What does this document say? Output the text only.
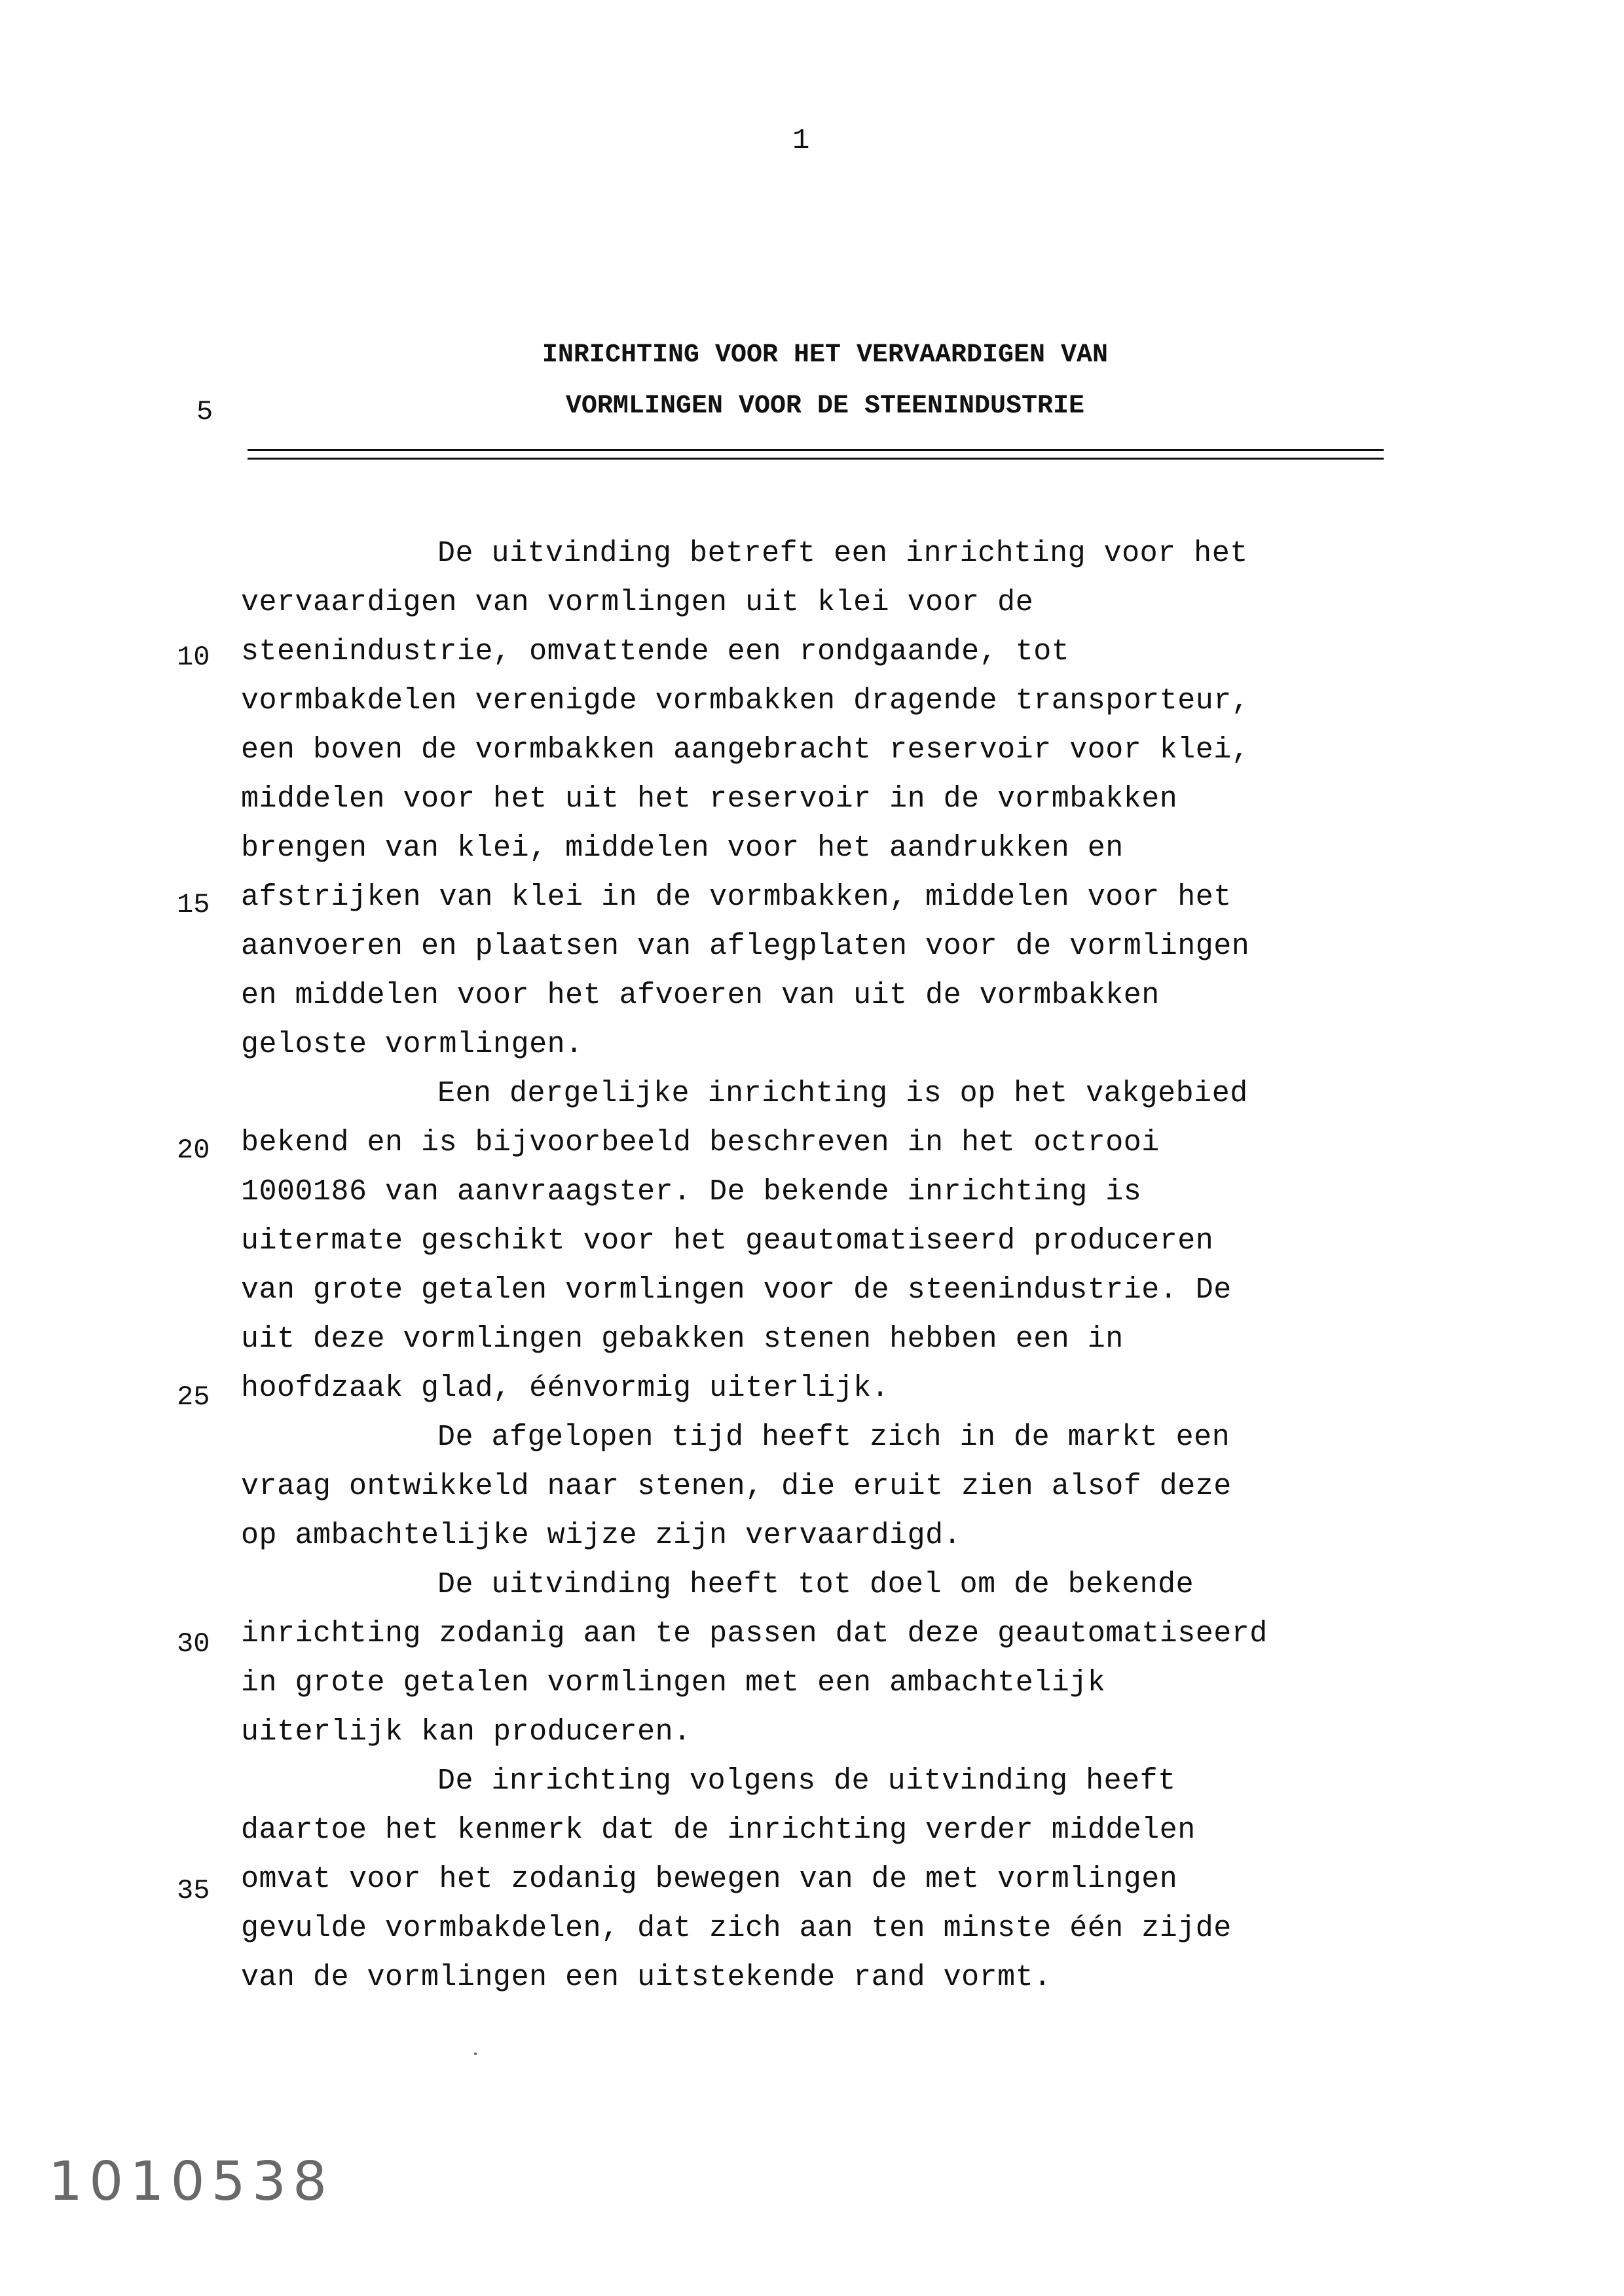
1
INRICHTING VOOR HET VERVAARDIGEN VAN
VORMLINGEN VOOR DE STEENINDUSTRIE
5
10
15
20
25
30
35
De uitvinding betreft een inrichting voor het
vervaardigen van vormlingen uit klei voor de
steenindustrie, omvattende een rondgaande, tot
vormbakdelen verenigde vormbakken dragende transporteur,
een boven de vormbakken aangebracht reservoir voor klei,
middelen voor het uit het reservoir in de vormbakken
brengen van klei, middelen voor het aandrukken en
afstrijken van klei in de vormbakken, middelen voor het
aanvoeren en plaatsen van aflegplaten voor de vormlingen
en middelen voor het afvoeren van uit de vormbakken
geloste vormlingen.
Een dergelijke inrichting is op het vakgebied
bekend en is bijvoorbeeld beschreven in het octrooi
1000186 van aanvraagster. De bekende inrichting is
uitermate geschikt voor het geautomatiseerd produceren
van grote getalen vormlingen voor de steenindustrie. De
uit deze vormlingen gebakken stenen hebben een in
hoofdzaak glad, éénvormig uiterlijk.
De afgelopen tijd heeft zich in de markt een
vraag ontwikkeld naar stenen, die eruit zien alsof deze
op ambachtelijke wijze zijn vervaardigd.
De uitvinding heeft tot doel om de bekende
inrichting zodanig aan te passen dat deze geautomatiseerd
in grote getalen vormlingen met een ambachtelijk
uiterlijk kan produceren.
De inrichting volgens de uitvinding heeft
daartoe het kenmerk dat de inrichting verder middelen
omvat voor het zodanig bewegen van de met vormlingen
gevulde vormbakdelen, dat zich aan ten minste één zijde
van de vormlingen een uitstekende rand vormt.
1010538
